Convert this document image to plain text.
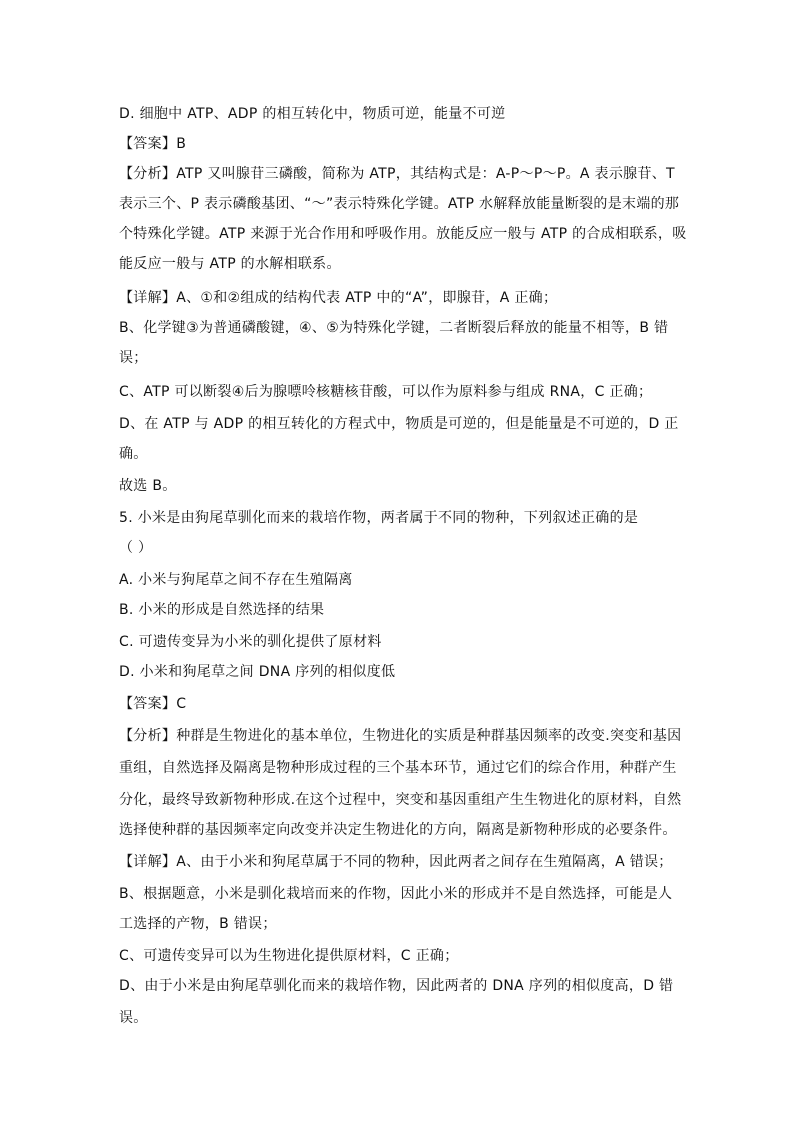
D. 细胞中 ATP、ADP 的相互转化中，物质可逆，能量不可逆
【答案】B
【分析】ATP 又叫腺苷三磷酸，简称为 ATP，其结构式是：A-P～P～P。A 表示腺苷、T
表示三个、P 表示磷酸基团、“～”表示特殊化学键。ATP 水解释放能量断裂的是末端的那
个特殊化学键。ATP 来源于光合作用和呼吸作用。放能反应一般与 ATP 的合成相联系，吸
能反应一般与 ATP 的水解相联系。
【详解】A、①和②组成的结构代表 ATP 中的“A”，即腺苷，A 正确；
B、化学键③为普通磷酸键，④、⑤为特殊化学键，二者断裂后释放的能量不相等，B 错
误；
C、ATP 可以断裂④后为腺嘌呤核糖核苷酸，可以作为原料参与组成 RNA，C 正确；
D、在 ATP 与 ADP 的相互转化的方程式中，物质是可逆的，但是能量是不可逆的，D 正
确。
故选 B。
5. 小米是由狗尾草驯化而来的栽培作物，两者属于不同的物种，下列叙述正确的是
（ ）
A. 小米与狗尾草之间不存在生殖隔离
B. 小米的形成是自然选择的结果
C. 可遗传变异为小米的驯化提供了原材料
D. 小米和狗尾草之间 DNA 序列的相似度低
【答案】C
【分析】种群是生物进化的基本单位，生物进化的实质是种群基因频率的改变.突变和基因
重组，自然选择及隔离是物种形成过程的三个基本环节，通过它们的综合作用，种群产生
分化，最终导致新物种形成.在这个过程中，突变和基因重组产生生物进化的原材料，自然
选择使种群的基因频率定向改变并决定生物进化的方向，隔离是新物种形成的必要条件。
【详解】A、由于小米和狗尾草属于不同的物种，因此两者之间存在生殖隔离，A 错误；
B、根据题意，小米是驯化栽培而来的作物，因此小米的形成并不是自然选择，可能是人
工选择的产物，B 错误；
C、可遗传变异可以为生物进化提供原材料，C 正确；
D、由于小米是由狗尾草驯化而来的栽培作物，因此两者的 DNA 序列的相似度高，D 错
误。
